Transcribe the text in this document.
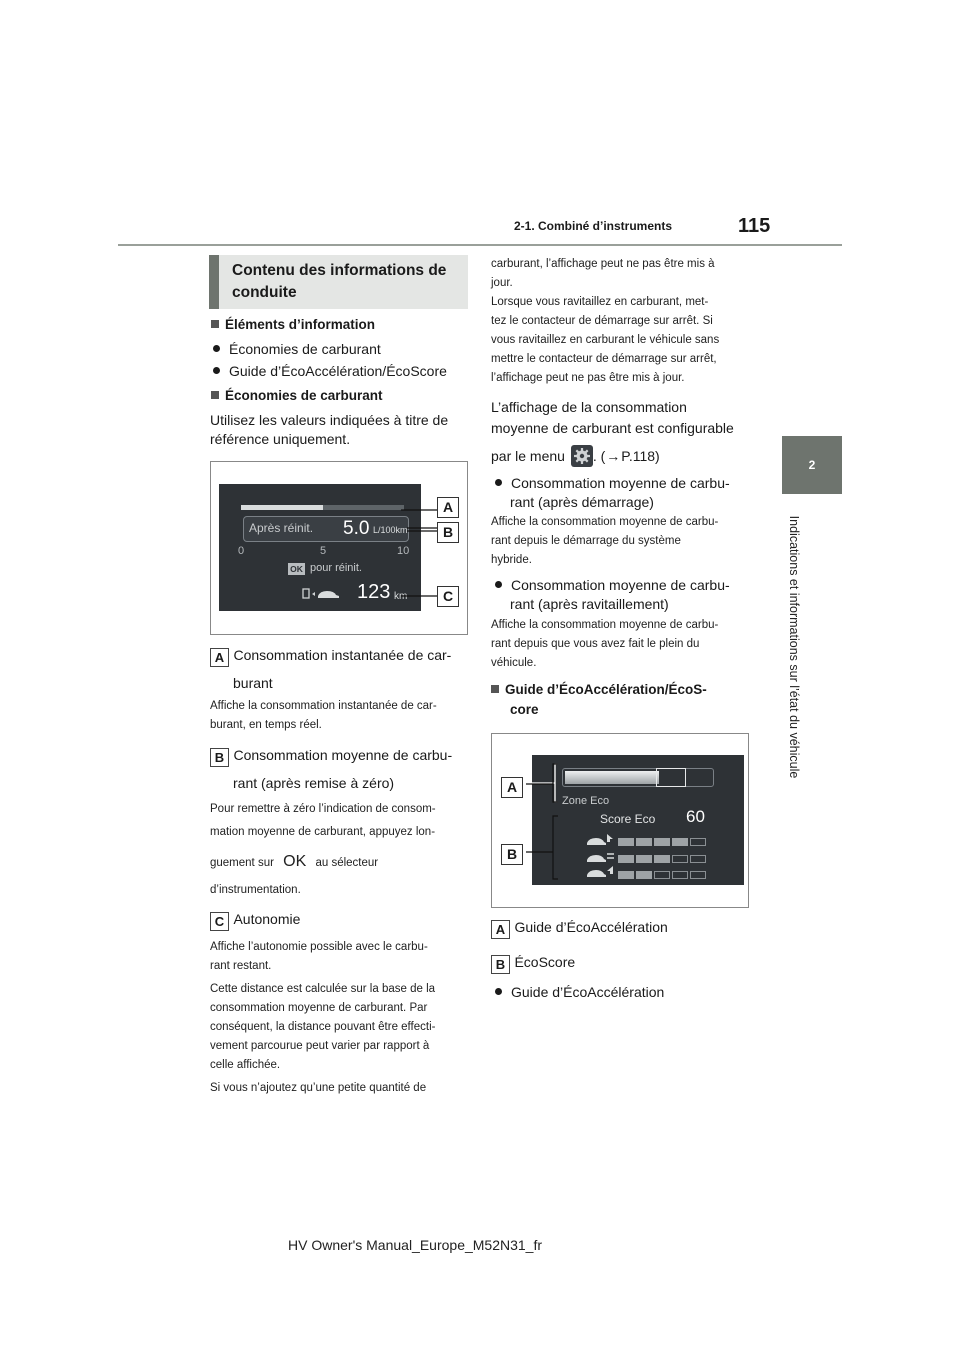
2-1. Combiné d’instruments	115
2
Indications et informations sur l’état du véhicule
Contenu des informations de conduite
Éléments d’information
Économies de carburant
Guide d’ÉcoAccélération/ÉcoScore
Économies de carburant
Utilisez les valeurs indiquées à titre de
référence uniquement.
Après réinit. 5.0 L/100km
0	5	10
OK pour réinit.
123 km
A
B
C
A Consommation instantanée de car-
burant
Affiche la consommation instantanée de car-
burant, en temps réel.
B Consommation moyenne de carbu-
rant (après remise à zéro)
Pour remettre à zéro l’indication de consom-
mation moyenne de carburant, appuyez lon-
guement sur OK au sélecteur
d’instrumentation.
C Autonomie
Affiche l’autonomie possible avec le carbu-
rant restant.
Cette distance est calculée sur la base de la
consommation moyenne de carburant. Par
conséquent, la distance pouvant être effecti-
vement parcourue peut varier par rapport à
celle affichée.
Si vous n’ajoutez qu’une petite quantité de
carburant, l’affichage peut ne pas être mis à
jour.
Lorsque vous ravitaillez en carburant, met-
tez le contacteur de démarrage sur arrêt. Si
vous ravitaillez en carburant le véhicule sans
mettre le contacteur de démarrage sur arrêt,
l’affichage peut ne pas être mis à jour.
L’affichage de la consommation
moyenne de carburant est configurable
par le menu . (→P.118)
Consommation moyenne de carbu-
rant (après démarrage)
Affiche la consommation moyenne de carbu-
rant depuis le démarrage du système
hybride.
Consommation moyenne de carbu-
rant (après ravitaillement)
Affiche la consommation moyenne de carbu-
rant depuis que vous avez fait le plein du
véhicule.
Guide d’ÉcoAccélération/ÉcoS-
core
Zone Eco
Score Eco 60
A
B
A Guide d’ÉcoAccélération
B ÉcoScore
Guide d’ÉcoAccélération
HV Owner's Manual_Europe_M52N31_fr
